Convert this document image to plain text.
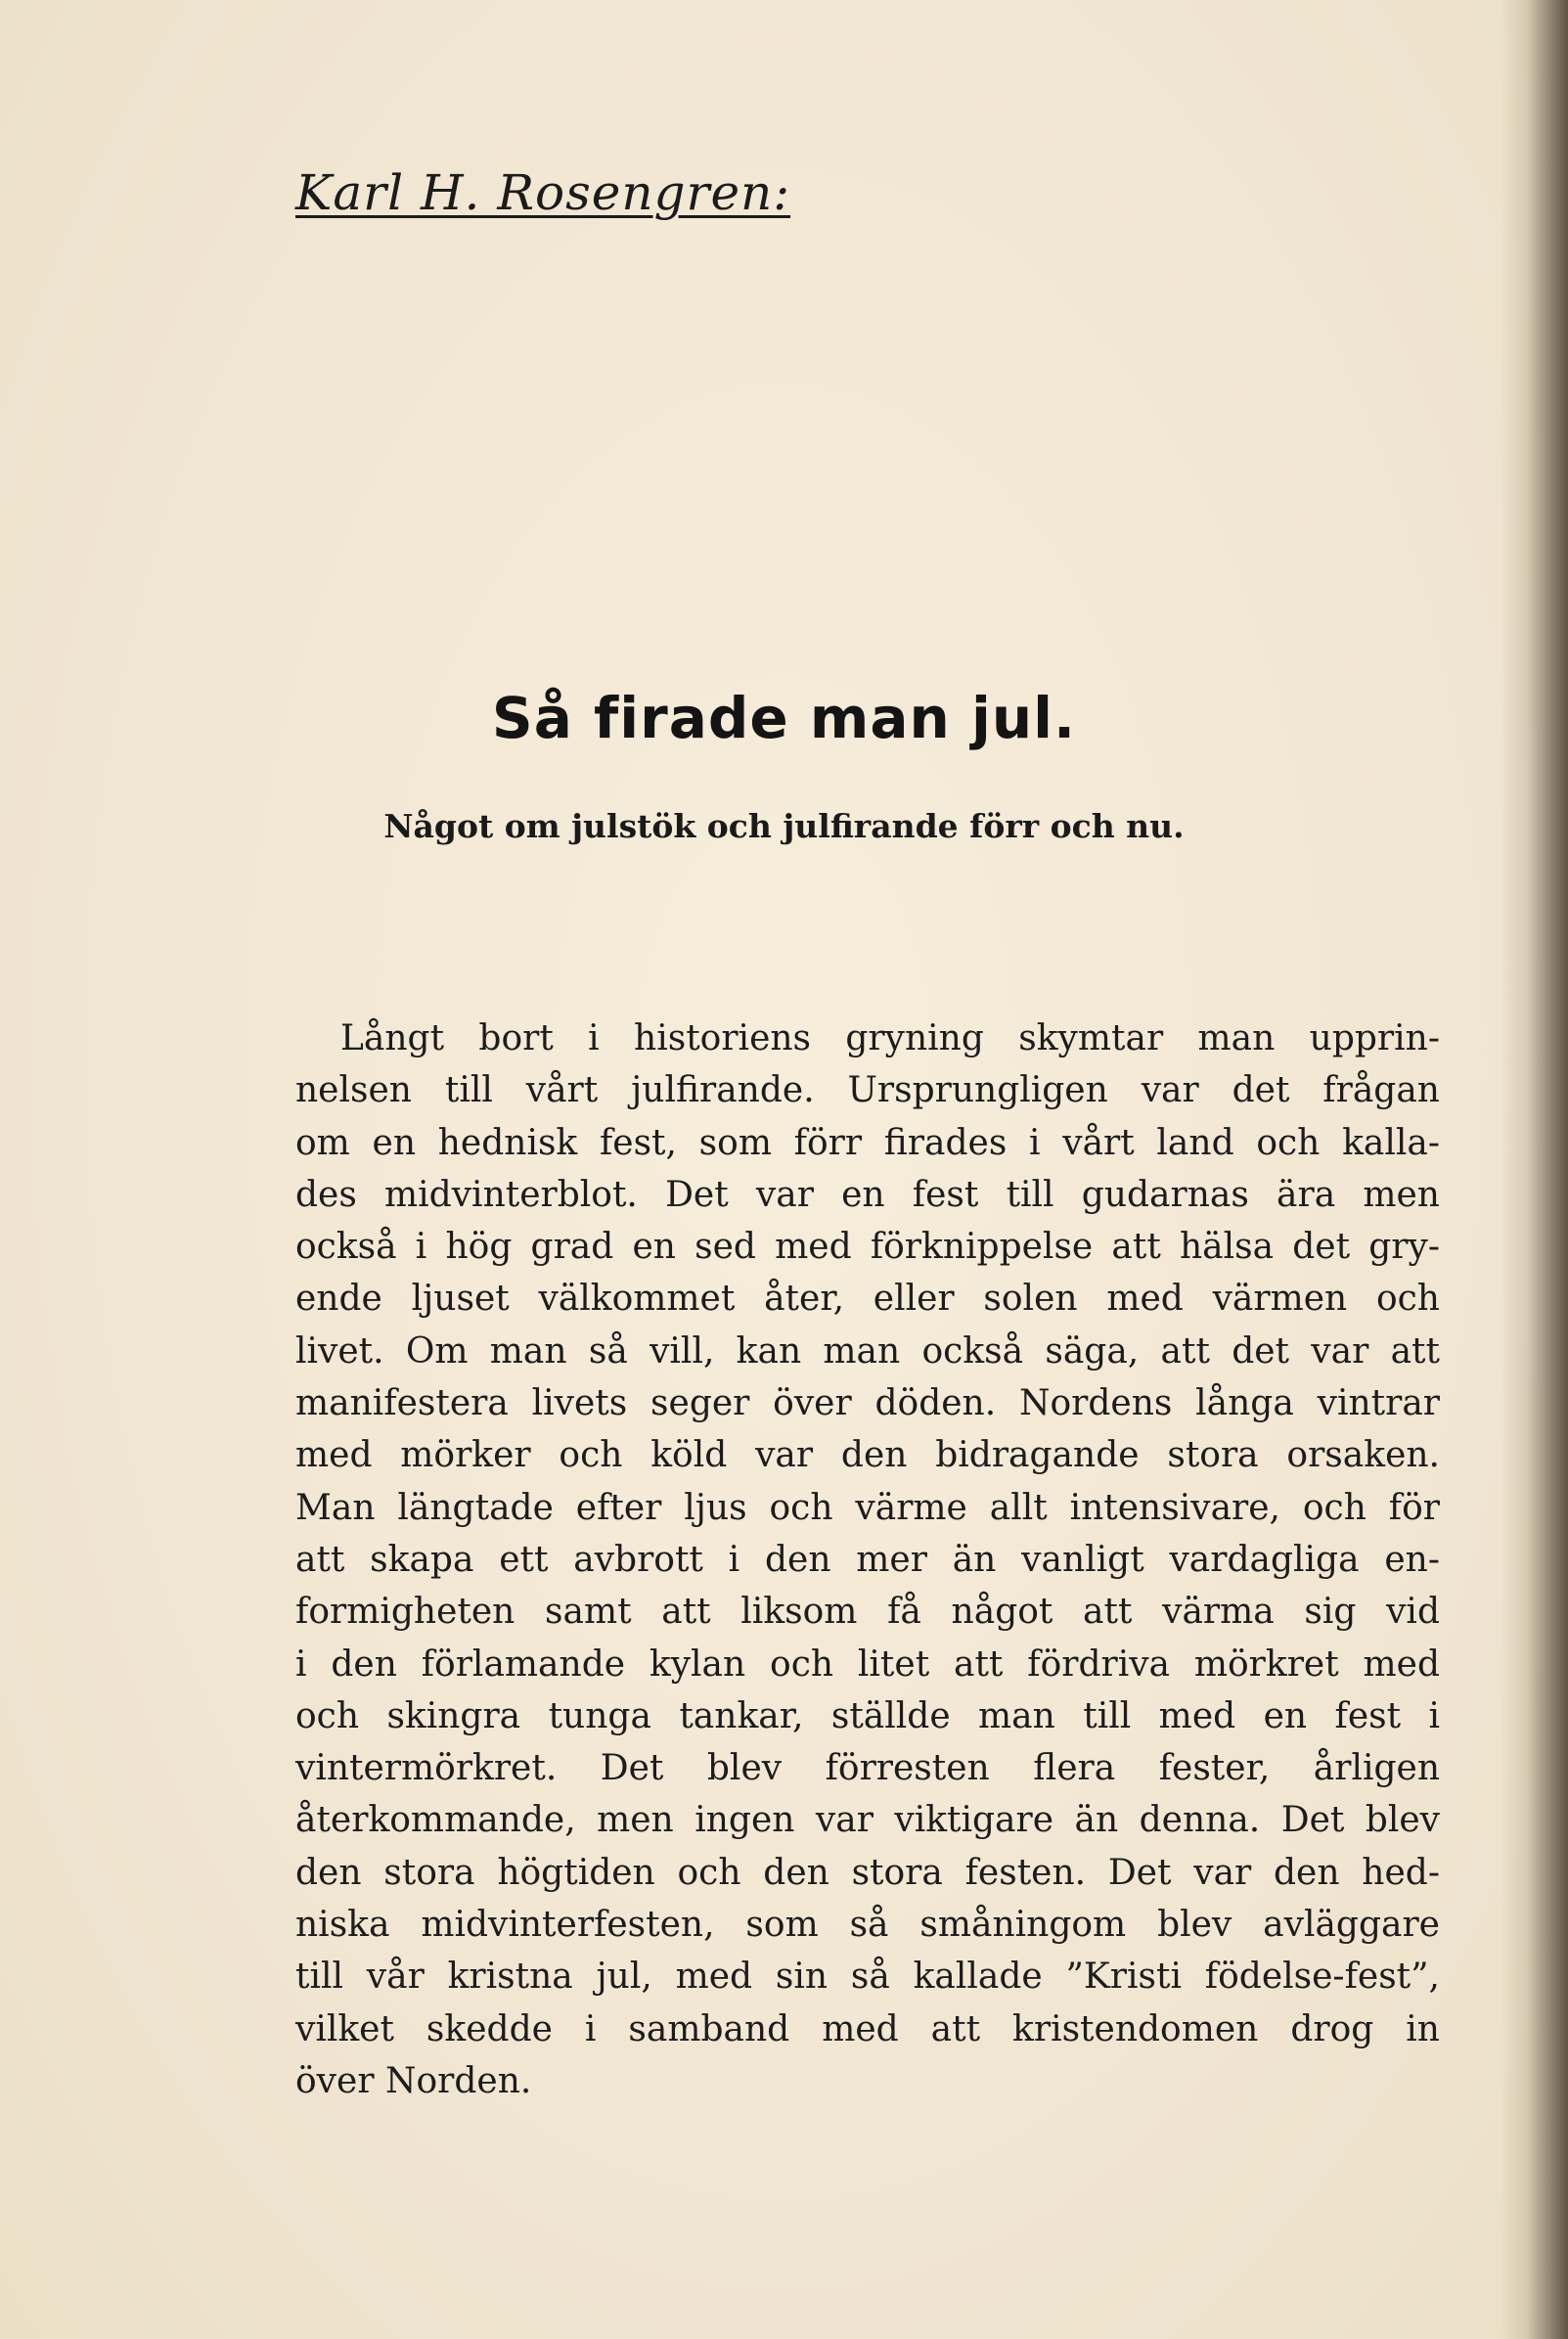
Karl H. Rosengren:
Så firade man jul.
Något om julstök och julfirande förr och nu.
Långt bort i historiens gryning skymtar man upprin-
nelsen till vårt julfirande. Ursprungligen var det frågan
om en hednisk fest, som förr firades i vårt land och kalla-
des midvinterblot. Det var en fest till gudarnas ära men
också i hög grad en sed med förknippelse att hälsa det gry-
ende ljuset välkommet åter, eller solen med värmen och
livet. Om man så vill, kan man också säga, att det var att
manifestera livets seger över döden. Nordens långa vintrar
med mörker och köld var den bidragande stora orsaken.
Man längtade efter ljus och värme allt intensivare, och för
att skapa ett avbrott i den mer än vanligt vardagliga en-
formigheten samt att liksom få något att värma sig vid
i den förlamande kylan och litet att fördriva mörkret med
och skingra tunga tankar, ställde man till med en fest i
vintermörkret. Det blev förresten flera fester, årligen
återkommande, men ingen var viktigare än denna. Det blev
den stora högtiden och den stora festen. Det var den hed-
niska midvinterfesten, som så småningom blev avläggare
till vår kristna jul, med sin så kallade ”Kristi födelse-fest”,
vilket skedde i samband med att kristendomen drog in
över Norden.
